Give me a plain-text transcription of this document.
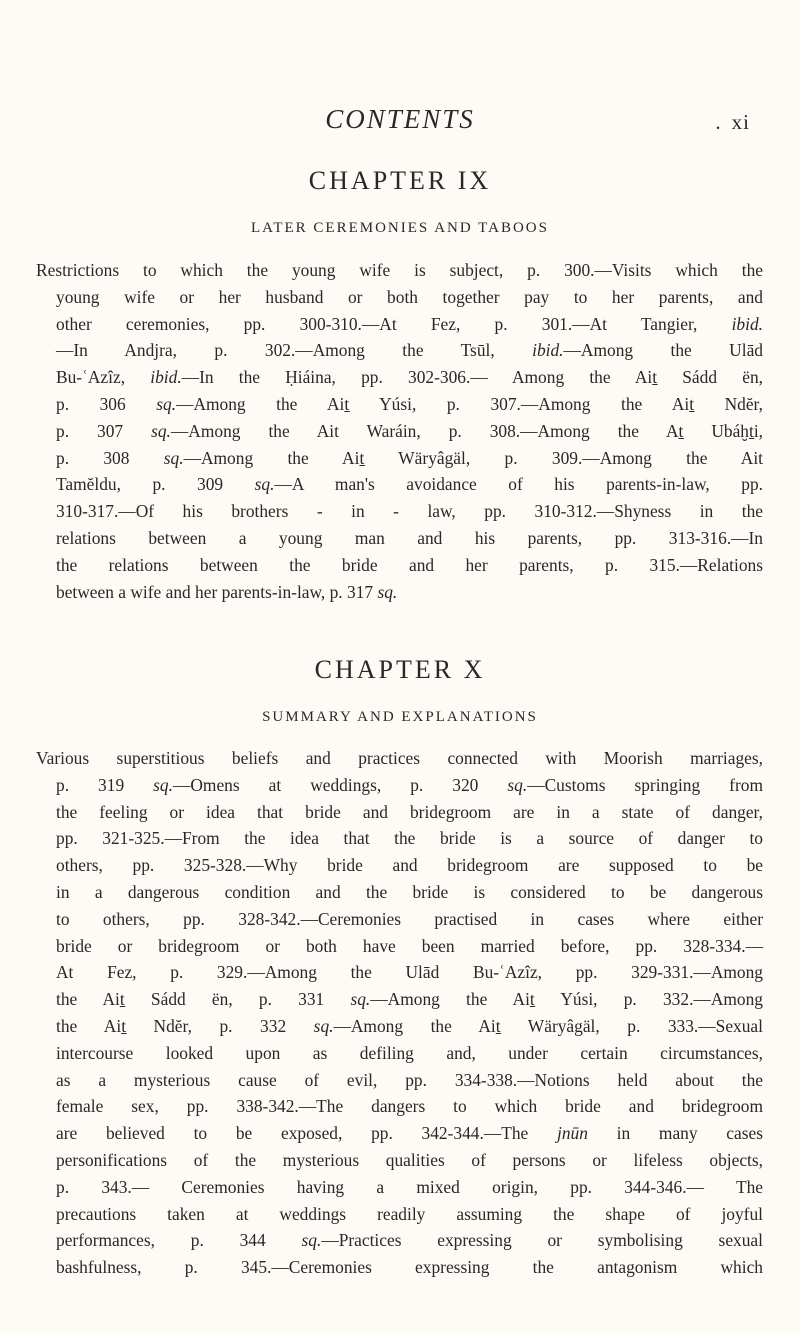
CONTENTS	. xi
CHAPTER IX
LATER CEREMONIES AND TABOOS
Restrictions to which the young wife is subject, p. 300.—Visits which the
young wife or her husband or both together pay to her parents, and
other ceremonies, pp. 300-310.—At Fez, p. 301.—At Tangier, ibid.
—In Andjra, p. 302.—Among the Tsūl, ibid.—Among the Ulād
Bu-ʿAzîz, ibid.—In the Ḥiáina, pp. 302-306.— Among the Aiṯ Sádd ën,
p. 306 sq.—Among the Aiṯ Yúsi, p. 307.—Among the Aiṯ Ndĕr,
p. 307 sq.—Among the Ait Waráin, p. 308.—Among the Aṯ Ubáḫṯi,
p. 308 sq.—Among the Aiṯ Wäryâgäl, p. 309.—Among the Ait
Tamĕldu, p. 309 sq.—A man's avoidance of his parents-in-law, pp.
310-317.—Of his brothers - in - law, pp. 310-312.—Shyness in the
relations between a young man and his parents, pp. 313-316.—In
the relations between the bride and her parents, p. 315.—Relations
between a wife and her parents-in-law, p. 317 sq.
CHAPTER X
SUMMARY AND EXPLANATIONS
Various superstitious beliefs and practices connected with Moorish marriages,
p. 319 sq.—Omens at weddings, p. 320 sq.—Customs springing from
the feeling or idea that bride and bridegroom are in a state of danger,
pp. 321-325.—From the idea that the bride is a source of danger to
others, pp. 325-328.—Why bride and bridegroom are supposed to be
in a dangerous condition and the bride is considered to be dangerous
to others, pp. 328-342.—Ceremonies practised in cases where either
bride or bridegroom or both have been married before, pp. 328-334.—
At Fez, p. 329.—Among the Ulād Bu-ʿAzîz, pp. 329-331.—Among
the Aiṯ Sádd ën, p. 331 sq.—Among the Aiṯ Yúsi, p. 332.—Among
the Aiṯ Ndĕr, p. 332 sq.—Among the Aiṯ Wäryâgäl, p. 333.—Sexual
intercourse looked upon as defiling and, under certain circumstances,
as a mysterious cause of evil, pp. 334-338.—Notions held about the
female sex, pp. 338-342.—The dangers to which bride and bridegroom
are believed to be exposed, pp. 342-344.—The jnūn in many cases
personifications of the mysterious qualities of persons or lifeless objects,
p. 343.— Ceremonies having a mixed origin, pp. 344-346.— The
precautions taken at weddings readily assuming the shape of joyful
performances, p. 344 sq.—Practices expressing or symbolising sexual
bashfulness, p. 345.—Ceremonies expressing the antagonism which
